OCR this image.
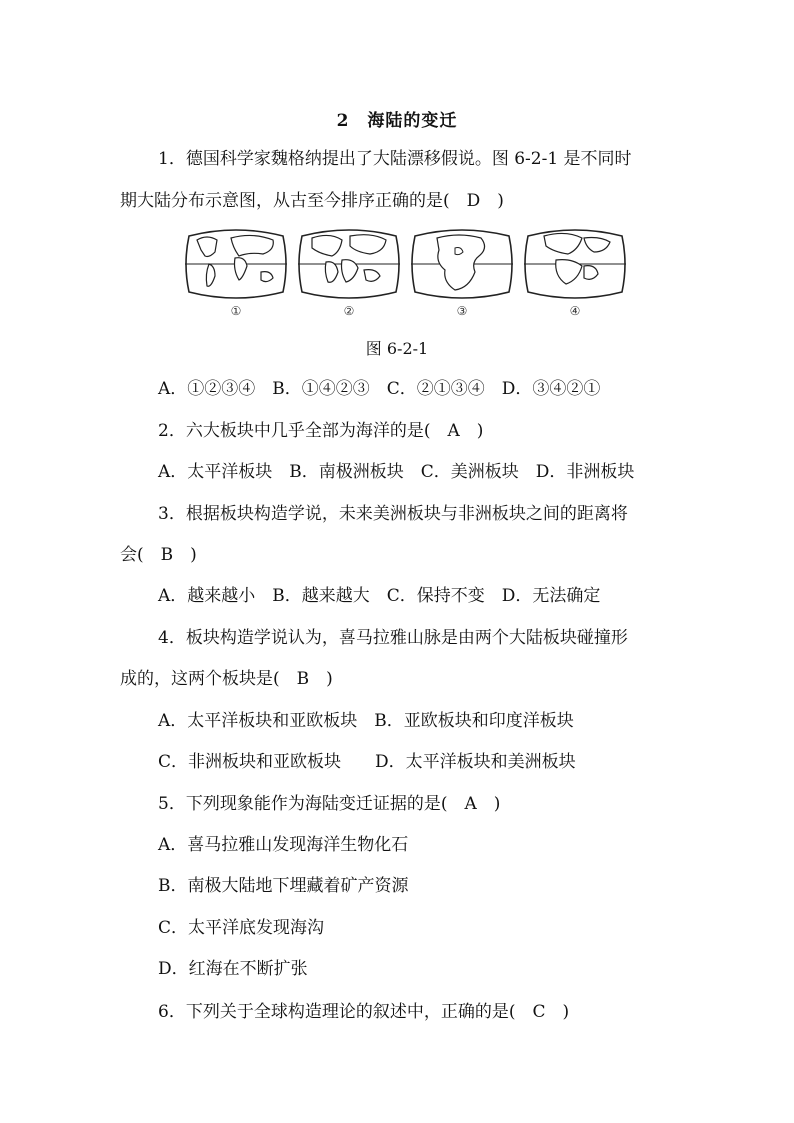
2　海陆的变迁
1．德国科学家魏格纳提出了大陆漂移假说。图 6-2-1 是不同时
期大陆分布示意图，从古至今排序正确的是(　D　)
①	②	③	④
图 6-2-1
A．①②③④　B．①④②③　C．②①③④　D．③④②①
2．六大板块中几乎全部为海洋的是(　A　)
A．太平洋板块　B．南极洲板块　C．美洲板块　D．非洲板块
3．根据板块构造学说，未来美洲板块与非洲板块之间的距离将
会(　B　)
A．越来越小　B．越来越大　C．保持不变　D．无法确定
4．板块构造学说认为，喜马拉雅山脉是由两个大陆板块碰撞形
成的，这两个板块是(　B　)
A．太平洋板块和亚欧板块　B．亚欧板块和印度洋板块
C．非洲板块和亚欧板块　　D．太平洋板块和美洲板块
5．下列现象能作为海陆变迁证据的是(　A　)
A．喜马拉雅山发现海洋生物化石
B．南极大陆地下埋藏着矿产资源
C．太平洋底发现海沟
D．红海在不断扩张
6．下列关于全球构造理论的叙述中，正确的是(　C　)
